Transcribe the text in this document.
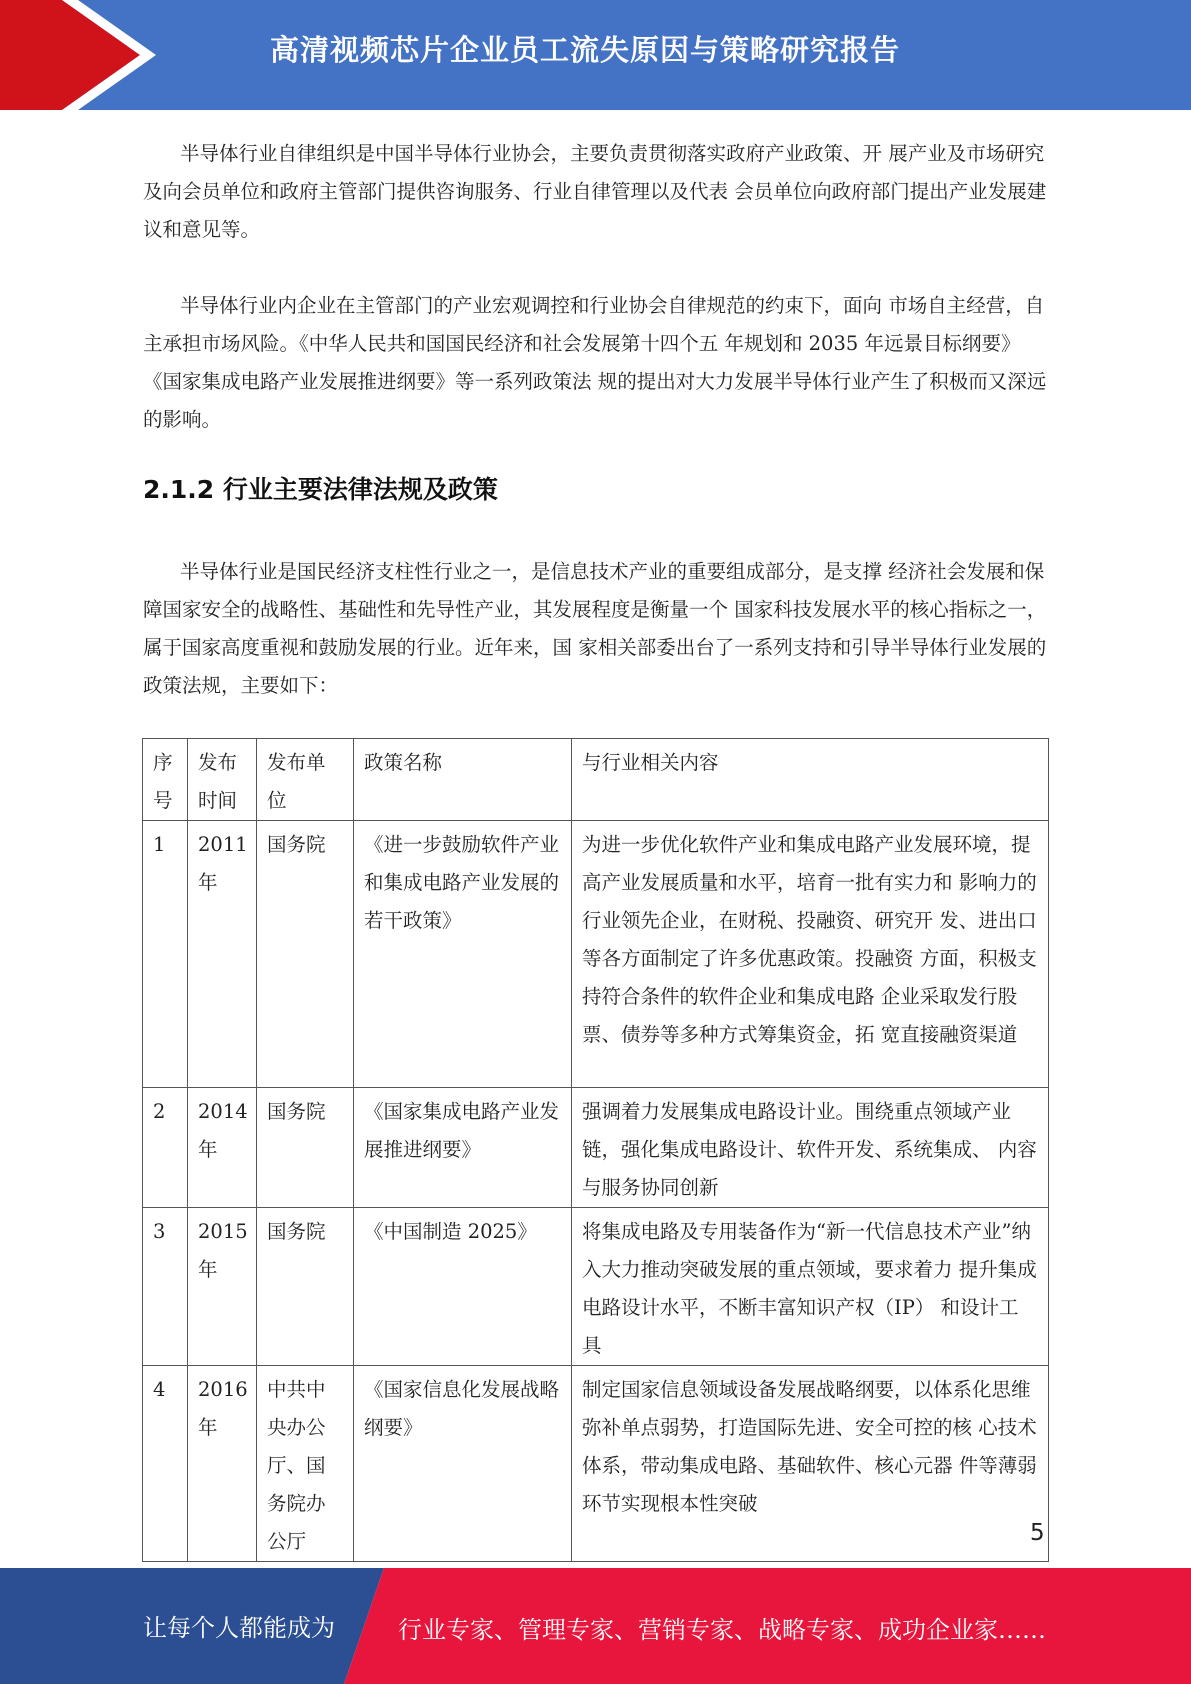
高清视频芯片企业员工流失原因与策略研究报告

半导体行业自律组织是中国半导体行业协会，主要负责贯彻落实政府产业政策、开 展产业及市场研究及向会员单位和政府主管部门提供咨询服务、行业自律管理以及代表 会员单位向政府部门提出产业发展建议和意见等。

半导体行业内企业在主管部门的产业宏观调控和行业协会自律规范的约束下，面向 市场自主经营，自主承担市场风险。《中华人民共和国国民经济和社会发展第十四个五 年规划和 2035 年远景目标纲要》《国家集成电路产业发展推进纲要》等一系列政策法 规的提出对大力发展半导体行业产生了积极而又深远的影响。

2.1.2 行业主要法律法规及政策

半导体行业是国民经济支柱性行业之一，是信息技术产业的重要组成部分，是支撑 经济社会发展和保障国家安全的战略性、基础性和先导性产业，其发展程度是衡量一个 国家科技发展水平的核心指标之一，属于国家高度重视和鼓励发展的行业。近年来，国 家相关部委出台了一系列支持和引导半导体行业发展的政策法规，主要如下：

序号	发布时间	发布单位	政策名称	与行业相关内容
1	2011年	国务院	《进一步鼓励软件产业和集成电路产业发展的若干政策》	为进一步优化软件产业和集成电路产业发展环境，提高产业发展质量和水平，培育一批有实力和 影响力的行业领先企业，在财税、投融资、研究开 发、进出口等各方面制定了许多优惠政策。投融资 方面，积极支持符合条件的软件企业和集成电路 企业采取发行股票、债券等多种方式筹集资金，拓 宽直接融资渠道
2	2014年	国务院	《国家集成电路产业发展推进纲要》	强调着力发展集成电路设计业。围绕重点领域产业链，强化集成电路设计、软件开发、系统集成、 内容与服务协同创新
3	2015年	国务院	《中国制造 2025》	将集成电路及专用装备作为“新一代信息技术产业”纳入大力推动突破发展的重点领域，要求着力 提升集成电路设计水平，不断丰富知识产权（IP） 和设计工具
4	2016年	中共中央办公厅、国务院办公厅	《国家信息化发展战略纲要》	制定国家信息领域设备发展战略纲要，以体系化思维弥补单点弱势，打造国际先进、安全可控的核 心技术体系，带动集成电路、基础软件、核心元器 件等薄弱环节实现根本性突破
5
让每个人都能成为	行业专家、管理专家、营销专家、战略专家、成功企业家……
